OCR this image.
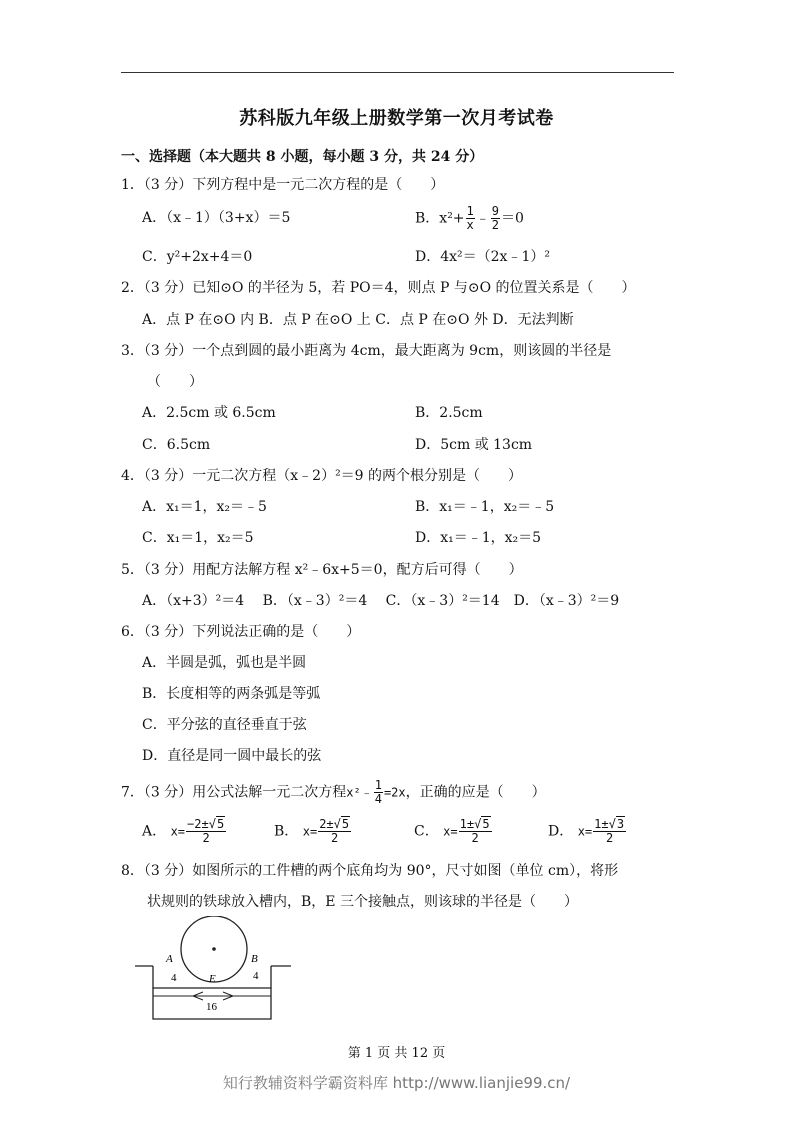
苏科版九年级上册数学第一次月考试卷
一、选择题（本大题共 8 小题，每小题 3 分，共 24 分）
1．（3 分）下列方程中是一元二次方程的是（　　）
A．（x﹣1）（3+x）＝5	B．$x^2+ \frac{1}{x}$ ﹣ $\frac{9}{2} =0$
C．y²+2x+4＝0	D．4x²＝（2x﹣1）²
2．（3 分）已知⊙O 的半径为 5，若 PO＝4，则点 P 与⊙O 的位置关系是（　　）
A．点 P 在⊙O 内 B．点 P 在⊙O 上 C．点 P 在⊙O 外 D．无法判断
3．（3 分）一个点到圆的最小距离为 4cm，最大距离为 9cm，则该圆的半径是
（　　）
A．2.5cm 或 6.5cm	B．2.5cm
C．6.5cm	D．5cm 或 13cm
4．（3 分）一元二次方程（x﹣2）²＝9 的两个根分别是（　　）
A．x₁＝1，x₂＝﹣5	B．x₁＝﹣1，x₂＝﹣5
C．x₁＝1，x₂＝5	D．x₁＝﹣1，x₂＝5
5．（3 分）用配方法解方程 x²﹣6x+5＝0，配方后可得（　　）
A．（x+3）²＝4　 B．（x﹣3）²＝4　 C．（x﹣3）²＝14　D．（x﹣3）²＝9
6．（3 分）下列说法正确的是（　　）
A．半圆是弧，弧也是半圆
B．长度相等的两条弧是等弧
C．平分弦的直径垂直于弦
D．直径是同一圆中最长的弦
7．（3 分）用公式法解一元二次方程x²﹣ $\frac{1}{4} =2x$，正确的应是（　　）
A． $x= \frac{-2\pm√5}{2}$	B． $x= \frac{2\pm√5}{2}$	C． $x= \frac{1\pm√5}{2}$	D． $x= \frac{1\pm√3}{2}$
8．（3 分）如图所示的工件槽的两个底角均为 90°，尺寸如图（单位 cm），将形
状规则的铁球放入槽内，B，E 三个接触点，则该球的半径是（　　）
A	B
E
4	4
16
第 1 页 共 12 页
知行教辅资料学霸资料库 http://www.lianjie99.cn/
